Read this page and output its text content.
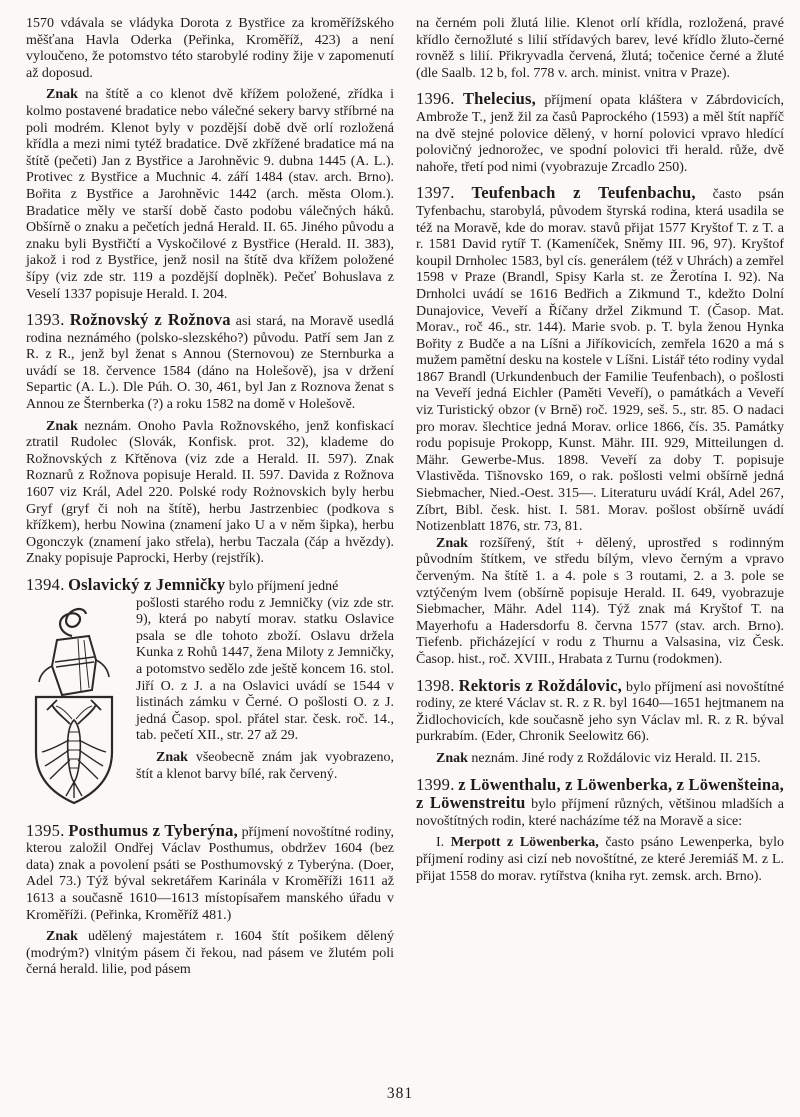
1570 vdávala se vládyka Dorota z Bystřice za kroměřížského měšťana Havla Oderka (Peřinka, Kroměříž, 423) a není vyloučeno, že potomstvo této starobylé rodiny žije v zapomenutí až doposud.

Znak na štítě a co klenot dvě křížem položené, zřídka i kolmo postavené bradatice nebo válečné sekery barvy stříbrné na poli modrém. Klenot byly v pozdější době dvě orlí rozložená křídla a mezi nimi tytéž bradatice. Dvě zkřížené bradatice má na štítě (pečeti) Jan z Bystřice a Jarohněvic 9. dubna 1445 (A. L.). Protivec z Bystřice a Muchnic 4. září 1484 (stav. arch. Brno). Bořita z Bystřice a Jarohněvic 1442 (arch. města Olom.). Bradatice měly ve starší době často podobu válečných háků. Obšírně o znaku a pečetích jedná Herald. II. 65. Jiného původu a znaku byli Bystřičtí a Vyskočilové z Bystřice (Herald. II. 383), jakož i rod z Bystřice, jenž nosil na štítě dva křížem položené šípy (viz zde str. 119 a pozdější doplněk). Pečeť Bohuslava z Veselí 1337 popisuje Herald. I. 204.

1393. Rožnovský z Rožnova asi stará, na Moravě usedlá rodina neznámého (polsko-slezského?) původu. Patří sem Jan z R. z R., jenž byl ženat s Annou (Sternovou) ze Sternburka a uvádí se 18. července 1584 (dáno na Holešově), jsa v držení Separtic (A. L.). Dle Púh. O. 30, 461, byl Jan z Roznova ženat s Annou ze Šternberka (?) a roku 1582 na domě v Holešově.

Znak neznám. Onoho Pavla Rožnovského, jenž konfiskací ztratil Rudolec (Slovák, Konfisk. prot. 32), klademe do Rožnovských z Křtěnova (viz zde a Herald. II. 597). Znak Roznarů z Rožnova popisuje Herald. II. 597. Davida z Rožnova 1607 viz Král, Adel 220. Polské rody Rożnovskich byly herbu Gryf (gryf či noh na štítě), herbu Jastrzenbiec (podkova s křížkem), herbu Nowina (znamení jako U a v něm šipka), herbu Ogonczyk (znamení jako střela), herbu Taczala (čáp a hvězdy). Znaky popisuje Paprocki, Herby (rejstřík).

1394. Oslavický z Jemničky bylo příjmení jedné

pošlosti starého rodu z Jemničky (viz zde str. 9), která po nabytí morav. statku Oslavice psala se dle tohoto zboží. Oslavu držela Kunka z Rohů 1447, žena Miloty z Jemničky, a potomstvo sedělo zde ještě koncem 16. stol. Jiří O. z J. a na Oslavici uvádí se 1544 v listinách zámku v Černé. O pošlosti O. z J. jedná Časop. spol. přátel star. česk. roč. 14., tab. pečetí XII., str. 27 až 29.

Znak všeobecně znám jak vyobrazeno, štít a klenot barvy bílé, rak červený.

1395. Posthumus z Tyberýna, příjmení novoštítné rodiny, kterou založil Ondřej Václav Posthumus, obdržev 1604 (bez data) znak a povolení psáti se Posthumovský z Tyberýna. (Doer, Adel 73.) Týž býval sekretářem Karinála v Kroměříži 1611 až 1613 a současně 1610—1613 místopísařem manského úřadu v Kroměříži. (Peřinka, Kroměříž 481.)

Znak udělený majestátem r. 1604 štít pošikem dělený (modrým?) vlnitým pásem či řekou, nad pásem ve žlutém poli černá herald. lilie, pod pásem

na černém poli žlutá lilie. Klenot orlí křídla, rozložená, pravé křídlo černožluté s lilií střídavých barev, levé křídlo žluto-černé rovněž s lilií. Přikryvadla červená, žlutá; točenice černé a žluté (dle Saalb. 12 b, fol. 778 v. arch. minist. vnitra v Praze).

1396. Thelecius, příjmení opata kláštera v Zábrdovicích, Ambrože T., jenž žil za časů Paprockého (1593) a měl štít napříč na dvě stejné polovice dělený, v horní polovici vpravo hledící polovičný jednorožec, ve spodní polovici tři herald. růže, dvě nahoře, třetí pod nimi (vyobrazuje Zrcadlo 250).

1397. Teufenbach z Teufenbachu, často psán Tyfenbachu, starobylá, původem štyrská rodina, která usadila se též na Moravě, kde do morav. stavů přijat 1577 Kryštof T. z T. a r. 1581 David rytíř T. (Kameníček, Sněmy III. 96, 97). Kryštof koupil Drnholec 1583, byl cís. generálem (též v Uhrách) a zemřel 1598 v Praze (Brandl, Spisy Karla st. ze Žerotína I. 92). Na Drnholci uvádí se 1616 Bedřich a Zikmund T., kdežto Dolní Dunajovice, Veveří a Říčany držel Zikmund T. (Časop. Mat. Morav., roč 46., str. 144). Marie svob. p. T. byla ženou Hynka Bořity z Budče a na Líšni a Jiříkovicích, zemřela 1620 a má s mužem pamětní desku na kostele v Líšni. Listář této rodiny vydal 1867 Brandl (Urkundenbuch der Familie Teufenbach), o pošlosti na Veveří jedná Eichler (Paměti Veveří), o památkách a Veveří viz Turistický obzor (v Brně) roč. 1929, seš. 5., str. 85. O nadaci pro morav. šlechtice jedná Morav. orlice 1866, čís. 35. Památky rodu popisuje Prokopp, Kunst. Mähr. III. 929, Mitteilungen d. Mähr. Gewerbe-Mus. 1898. Veveří za doby T. popisuje Vlastivěda. Tišnovsko 169, o rak. pošlosti velmi obšírně jedná Siebmacher, Nied.-Oest. 315—. Literaturu uvádí Král, Adel 267, Zíbrt, Bibl. česk. hist. I. 581. Morav. pošlost obšírně uvádí Notizenblatt 1876, str. 73, 81.

Znak rozšířený, štít + dělený, uprostřed s rodinným původním štítkem, ve středu bílým, vlevo černým a vpravo červeným. Na štítě 1. a 4. pole s 3 routami, 2. a 3. pole se vztýčeným lvem (obšírně popisuje Herald. II. 649, vyobrazuje Siebmacher, Mähr. Adel 114). Týž znak má Kryštof T. na Mayerhofu a Hadersdorfu 8. června 1577 (stav. arch. Brno). Tiefenb. přicházející v rodu z Thurnu a Valsasina, viz Česk. Časop. hist., roč. XVIII., Hrabata z Turnu (rodokmen).

1398. Rektoris z Roždálovic, bylo příjmení asi novoštítné rodiny, ze které Václav st. R. z R. byl 1640—1651 hejtmanem na Židlochovicích, kde současně jeho syn Václav ml. R. z R. býval purkrabím. (Eder, Chronik Seelowitz 66).

Znak neznám. Jiné rody z Roždálovic viz Herald. II. 215.

1399. z Löwenthalu, z Löwenberka, z Löwenšteina, z Löwenstreitu bylo příjmení různých, většinou mladších a novoštítných rodin, které nacházíme též na Moravě a sice:

I. Merpott z Löwenberka, často psáno Lewenperka, bylo příjmení rodiny asi cizí neb novoštítné, ze které Jeremiáš M. z L. přijat 1558 do morav. rytířstva (kniha ryt. zemsk. arch. Brno).

381
